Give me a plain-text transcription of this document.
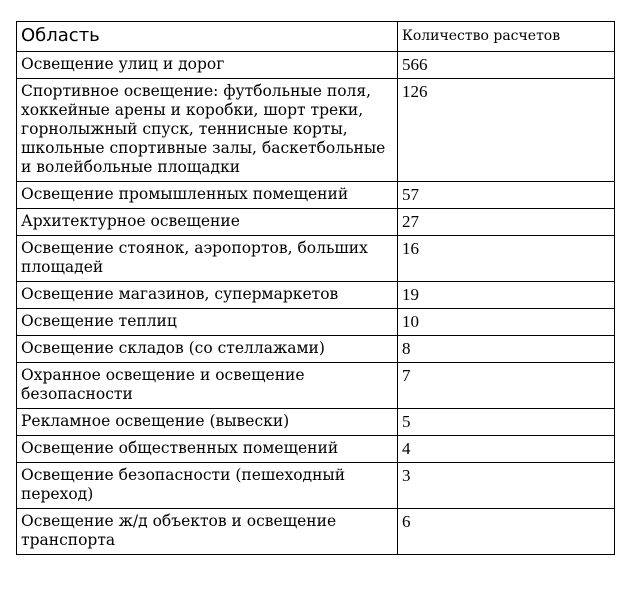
Область	Количество расчетов
Освещение улиц и дорог	566
Спортивное освещение: футбольные поля, хоккейные арены и коробки, шорт треки, горнолыжный спуск, теннисные корты, школьные спортивные залы, баскетбольные и волейбольные площадки	126
Освещение промышленных помещений	57
Архитектурное освещение	27
Освещение стоянок, аэропортов, больших площадей	16
Освещение магазинов, супермаркетов	19
Освещение теплиц	10
Освещение складов (со стеллажами)	8
Охранное освещение и освещение безопасности	7
Рекламное освещение (вывески)	5
Освещение общественных помещений	4
Освещение безопасности (пешеходный переход)	3
Освещение ж/д объектов и освещение транспорта	6
